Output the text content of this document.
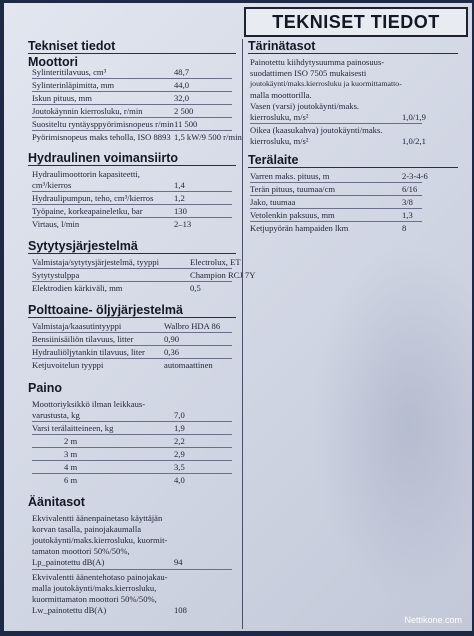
TEKNISET TIEDOT
Tekniset tiedot
Moottori
Sylinteritilavuus, cm³	48,7
Sylinterinläpimitta, mm	44,0
Iskun pituus, mm	32,0
Joutokäynnin kierrosluku, r/min	2 500
Suositeltu ryntäysppyörimisnopeus r/min 11 500
Pyörimisnopeus maks teholla, ISO 8893 1,5 kW/9 500 r/min
Hydraulinen voimansiirto
Hydraulimoottorin kapasiteetti,
cm³/kierros	1,4
Hydraulipumpun, teho, cm³/kierros 1,2
Työpaine, korkeapaineletku, bar	130
Virtaus, l/min	2–13
Sytytysjärjestelmä
Valmistaja/sytytysjärjestelmä, tyyppi	Electrolux, ET
Sytytystulppa	Champion RCJ 7Y
Elektrodien kärkiväli, mm	0,5
Polttoaine- öljyjärjestelmä
Valmistaja/kaasutintyyppi	Walbro HDA 86
Bensiinisäiliön tilavuus, litter	0,90
Hydrauliöljytankin tilavuus, liter 0,36
Ketjuvoitelun tyyppi	automaattinen
Paino
Moottoriyksikkö ilman leikkaus-
varustusta, kg	7,0
Varsi terälaitteineen, kg	1,9
2 m	2,2
3 m	2,9
4 m	3,5
6 m	4,0
Äänitasot
Ekvivalentti äänenpainetaso käyttäjän
korvan tasalla, painojakaumalla
joutokäynti/maks.kierrosluku, kuormit-
tamaton moottori 50%/50%,
Lp_painotettu dB(A)	94
Ekvivalentti äänentehotaso painojakau-
malla joutokäynti/maks.kierrosluku,
kuormittamaton moottori 50%/50%,
Lw_painotettu dB(A)	108
Tärinätasot
Painotettu kiihdytysuumma painosuus-
suodattimen ISO 7505 mukaisesti
joutokäynti/maks.kierrosluku ja kuormittamatto-
malla moottorilla.
Vasen (varsi) joutokäynti/maks.
kierrosluku, m/s²	1,0/1,9
Oikea (kaasukahva) joutokäynti/maks.
kierrosluku, m/s²	1,0/2,1
Terälaite
Varren maks. pituus, m	2-3-4-6
Terän pituus, tuumaa/cm	6/16
Jako, tuumaa	3/8
Vetolenkin paksuus, mm	1,3
Ketjupyörän hampaiden lkm	8
Nettikone.com
